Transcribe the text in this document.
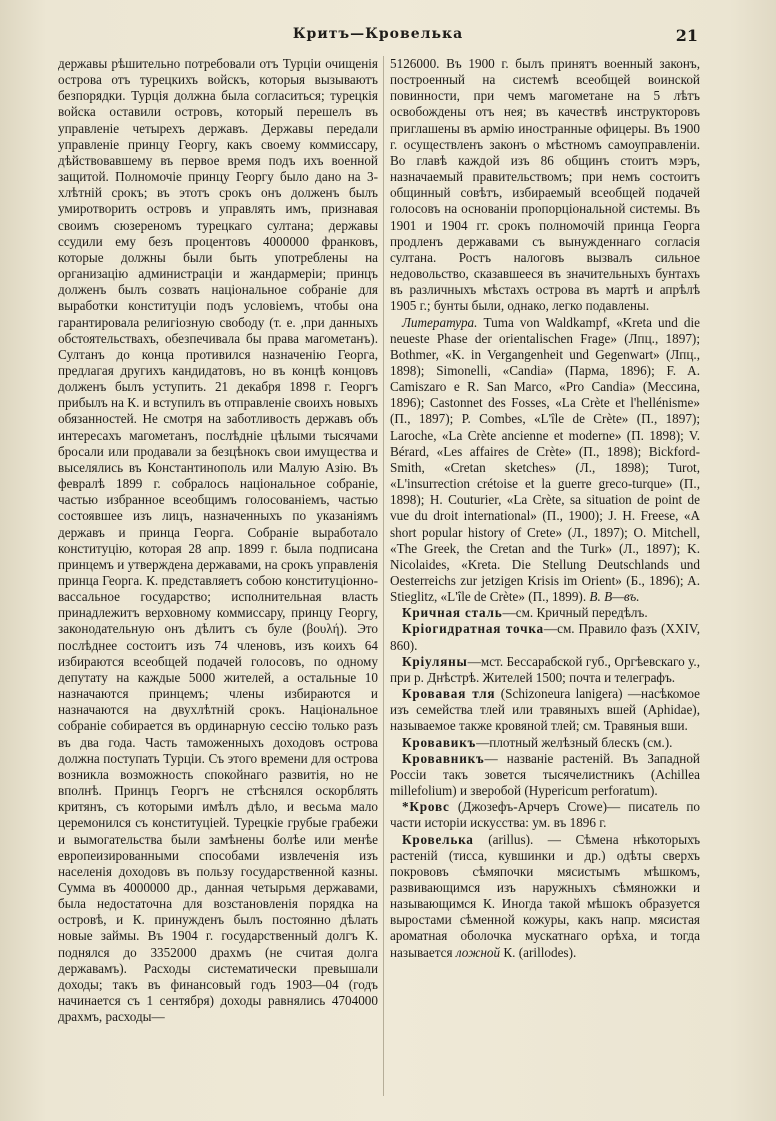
Критъ—Кровелька	21

державы рѣшительно потребовали отъ Турціи очищенія острова отъ турецкихъ войскъ, которыя вызываютъ безпорядки. Турція должна была согласиться; турецкія войска оставили островъ, который перешелъ въ управленіе четырехъ державъ. Державы передали управленіе принцу Георгу, какъ своему коммиссару, дѣйствовавшему въ первое время подъ ихъ военной защитой. Полномочіе принцу Георгу было дано на 3-хлѣтній срокъ; въ этотъ срокъ онъ долженъ былъ умиротворить островъ и управлять имъ, признавая своимъ сюзереномъ турецкаго султана; державы ссудили ему безъ процентовъ 4000000 франковъ, которые должны были быть употреблены на организацію администраціи и жандармеріи; принцъ долженъ былъ созвать національное собраніе для выработки конституціи подъ условіемъ, чтобы она гарантировала религіозную свободу (т. е. ,при данныхъ обстоятельствахъ, обезпечивала бы права магометанъ). Султанъ до конца противился назначенію Георга, предлагая другихъ кандидатовъ, но въ концѣ концовъ долженъ былъ уступить. 21 декабря 1898 г. Георгъ прибылъ на К. и вступилъ въ отправленіе своихъ новыхъ обязанностей. Не смотря на заботливость державъ объ интересахъ магометанъ, послѣдніе цѣлыми тысячами бросали или продавали за безцѣнокъ свои имущества и выселялись въ Константинополь или Малую Азію. Въ февралѣ 1899 г. собралось національное собраніе, частью избранное всеобщимъ голосованіемъ, частью состоявшее изъ лицъ, назначенныхъ по указаніямъ державъ и принца Георга. Собраніе выработало конституцію, которая 28 апр. 1899 г. была подписана принцемъ и утверждена державами, на срокъ управленія принца Георга. К. представляетъ собою конституціонно-вассальное государство; исполнительная власть принадлежитъ верховному коммиссару, принцу Георгу, законодательную онъ дѣлитъ съ буле (βουλή). Это послѣднее состоитъ изъ 74 членовъ, изъ коихъ 64 избираются всеобщей подачей голосовъ, по одному депутату на каждые 5000 жителей, а остальные 10 назначаются принцемъ; члены избираются и назначаются на двухлѣтній срокъ. Національное собраніе собирается въ ординарную сессію только разъ въ два года. Часть таможенныхъ доходовъ острова должна поступать Турціи. Съ этого времени для острова возникла возможность спокойнаго развитія, но не вполнѣ. Принцъ Георгъ не стѣснялся оскорблять критянъ, съ которыми имѣлъ дѣло, и весьма мало церемонился съ конституціей. Турецкіе грубые грабежи и вымогательства были замѣнены болѣе или менѣе европеизированными способами извлеченія изъ населенія доходовъ въ пользу государственной казны. Сумма въ 4000000 др., данная четырьмя державами, была недостаточна для возстановленія порядка на островѣ, и К. принужденъ былъ постоянно дѣлать новые займы. Въ 1904 г. государственный долгъ К. поднялся до 3352000 драхмъ (не считая долга державамъ). Расходы систематически превышали доходы; такъ въ финансовый годъ 1903—04 (годъ начинается съ 1 сентября) доходы равнялись 4704000 драхмъ, расходы—

5126000. Въ 1900 г. былъ принятъ военный законъ, построенный на системѣ всеобщей воинской повинности, при чемъ магометане на 5 лѣтъ освобождены отъ нея; въ качествѣ инструкторовъ приглашены въ армію иностранные офицеры. Въ 1900 г. осуществленъ законъ о мѣстномъ самоуправленіи. Во главѣ каждой изъ 86 общинъ стоитъ мэръ, назначаемый правительствомъ; при немъ состоитъ общинный совѣтъ, избираемый всеобщей подачей голосовъ на основаніи пропорціональной системы. Въ 1901 и 1904 гг. срокъ полномочій принца Георга продленъ державами съ вынужденнаго согласія султана. Ростъ налоговъ вызвалъ сильное недовольство, сказавшееся въ значительныхъ бунтахъ въ различныхъ мѣстахъ острова въ мартѣ и апрѣлѣ 1905 г.; бунты были, однако, легко подавлены.

Литература. Tuma von Waldkampf, «Kreta und die neueste Phase der orientalischen Frage» (Лпц., 1897); Bothmer, «K. in Vergangenheit und Gegenwart» (Лпц., 1898); Simonelli, «Candia» (Парма, 1896); F. A. Camiszaro e R. San Marco, «Pro Candia» (Мессина, 1896); Castonnet des Fosses, «La Crète et l'hellénisme» (П., 1897); P. Combes, «L'île de Crète» (П., 1897); Laroche, «La Crète ancienne et moderne» (П. 1898); V. Bérard, «Les affaires de Crète» (П., 1898); Bickford-Smith, «Cretan sketches» (Л., 1898); Turot, «L'insurrection crétoise et la guerre greco-turque» (П., 1898); H. Couturier, «La Crète, sa situation de point de vue du droit international» (П., 1900); J. H. Freese, «A short popular history of Crete» (Л., 1897); O. Mitchell, «The Greek, the Cretan and the Turk» (Л., 1897); K. Nicolaides, «Kreta. Die Stellung Deutschlands und Oesterreichs zur jetzigen Krisis im Orient» (Б., 1896); A. Stieglitz, «L'île de Crète» (П., 1899). В. В—въ.

Кричная сталь—см. Кричный передѣлъ.

Кріогидратная точка—см. Правило фазъ (XXIV, 860).

Кріуляны—мст. Бессарабской губ., Оргѣевскаго у., при р. Днѣстрѣ. Жителей 1500; почта и телеграфъ.

Кровавая тля (Schizoneura lanigera) —насѣкомое изъ семейства тлей или травяныхъ вшей (Aphidae), называемое также кровяной тлей; см. Травяныя вши.

Кровавикъ—плотный желѣзный блескъ (см.).

Кровавникъ— названіе растеній. Въ Западной Россіи такъ зовется тысячелистникъ (Achillea millefolium) и зверобой (Hypericum perforatum).

*Кровс (Джозефъ-Арчеръ Crowe)— писатель по части исторіи искусства: ум. въ 1896 г.

Кровелька (arillus). — Сѣмена нѣкоторыхъ растеній (тисса, кувшинки и др.) одѣты сверхъ покрововъ сѣмяпочки мясистымъ мѣшкомъ, развивающимся изъ наружныхъ сѣмяножки и называющимся К. Иногда такой мѣшокъ образуется выростами сѣменной кожуры, какъ напр. мясистая ароматная оболочка мускатнаго орѣха, и тогда называется ложной К. (arillodes).
